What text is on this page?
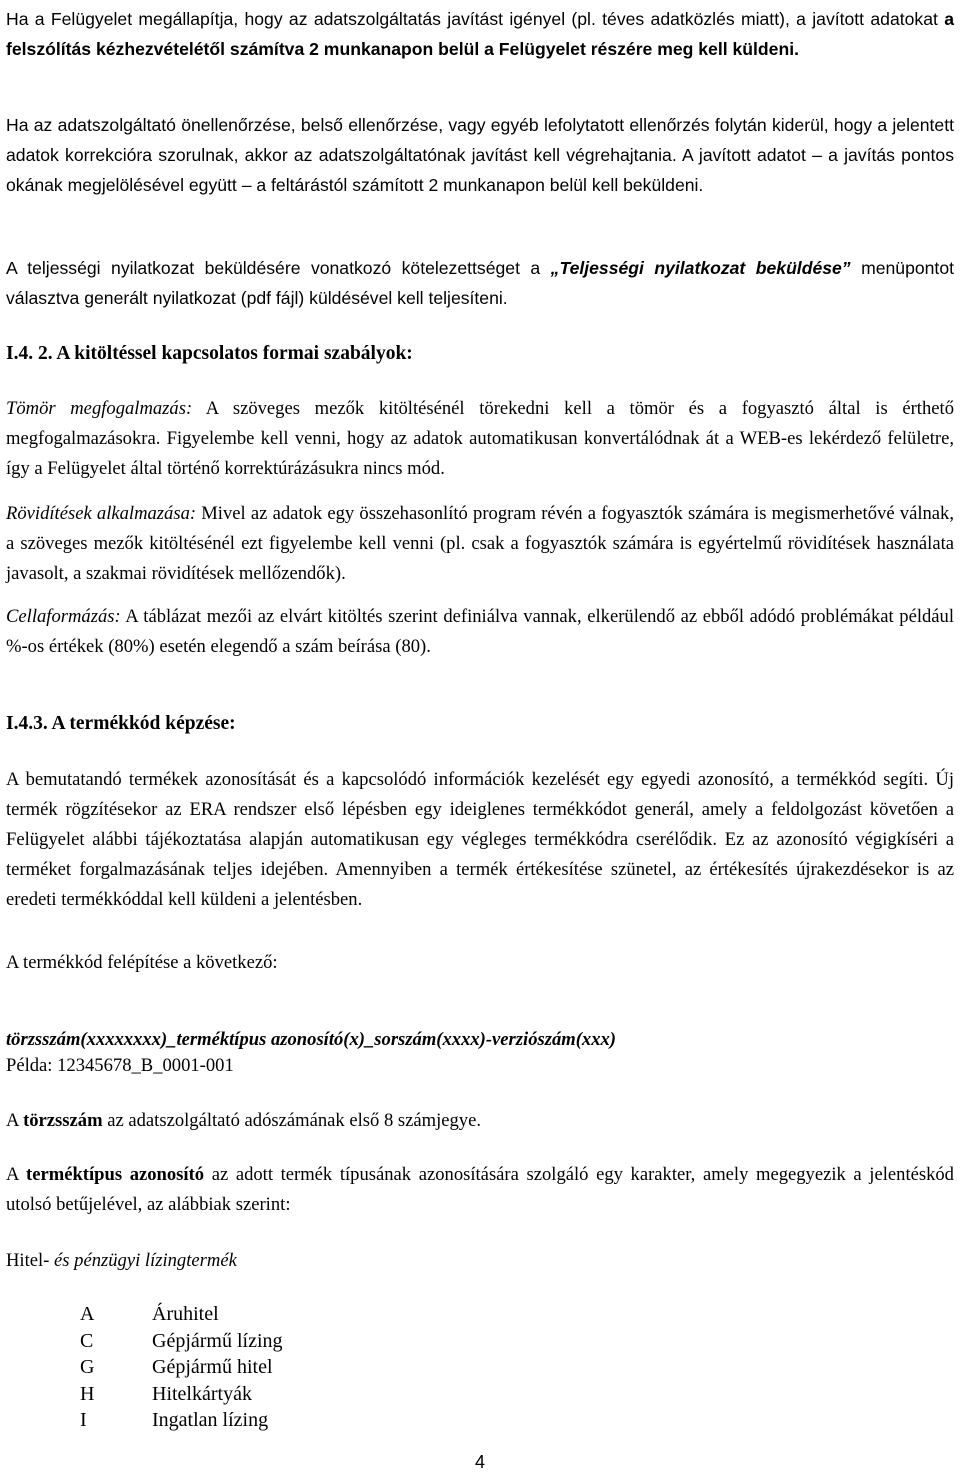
Ha a Felügyelet megállapítja, hogy az adatszolgáltatás javítást igényel (pl. téves adatközlés miatt), a javított adatokat a felszólítás kézhezvételétől számítva 2 munkanapon belül a Felügyelet részére meg kell küldeni.
Ha az adatszolgáltató önellenőrzése, belső ellenőrzése, vagy egyéb lefolytatott ellenőrzés folytán kiderül, hogy a jelentett adatok korrekcióra szorulnak, akkor az adatszolgáltatónak javítást kell végrehajtania. A javított adatot – a javítás pontos okának megjelölésével együtt – a feltárástól számított 2 munkanapon belül kell beküldeni.
A teljességi nyilatkozat beküldésére vonatkozó kötelezettséget a „Teljességi nyilatkozat beküldése” menüpontot választva generált nyilatkozat (pdf fájl) küldésével kell teljesíteni.
I.4. 2. A kitöltéssel kapcsolatos formai szabályok:
Tömör megfogalmazás: A szöveges mezők kitöltésénél törekedni kell a tömör és a fogyasztó által is érthető megfogalmazásokra. Figyelembe kell venni, hogy az adatok automatikusan konvertálódnak át a WEB-es lekérdező felületre, így a Felügyelet által történő korrektúrázásukra nincs mód.
Rövidítések alkalmazása: Mivel az adatok egy összehasonlító program révén a fogyasztók számára is megismerhetővé válnak, a szöveges mezők kitöltésénél ezt figyelembe kell venni (pl. csak a fogyasztók számára is egyértelmű rövidítések használata javasolt, a szakmai rövidítések mellőzendők).
Cellaformázás: A táblázat mezői az elvárt kitöltés szerint definiálva vannak, elkerülendő az ebből adódó problémákat például %-os értékek (80%) esetén elegendő a szám beírása (80).
I.4.3. A termékkód képzése:
A bemutatandó termékek azonosítását és a kapcsolódó információk kezelését egy egyedi azonosító, a termékkód segíti. Új termék rögzítésekor az ERA rendszer első lépésben egy ideiglenes termékkódot generál, amely a feldolgozást követően a Felügyelet alábbi tájékoztatása alapján automatikusan egy végleges termékkódra cserélődik. Ez az azonosító végigkíséri a terméket forgalmazásának teljes idejében. Amennyiben a termék értékesítése szünetel, az értékesítés újrakezdésekor is az eredeti termékkóddal kell küldeni a jelentésben.
A termékkód felépítése a következő:
törzsszám(xxxxxxxx)_terméktípus azonosító(x)_sorszám(xxxx)-verziószám(xxx)
Példa: 12345678_B_0001-001
A törzsszám az adatszolgáltató adószámának első 8 számjegye.
A terméktípus azonosító az adott termék típusának azonosítására szolgáló egy karakter, amely megegyezik a jelentéskód utolsó betűjelével, az alábbiak szerint:
Hitel- és pénzügyi lízingtermék
A	Áruhitel
C	Gépjármű lízing
G	Gépjármű hitel
H	Hitelkártyák
I	Ingatlan lízing
4
